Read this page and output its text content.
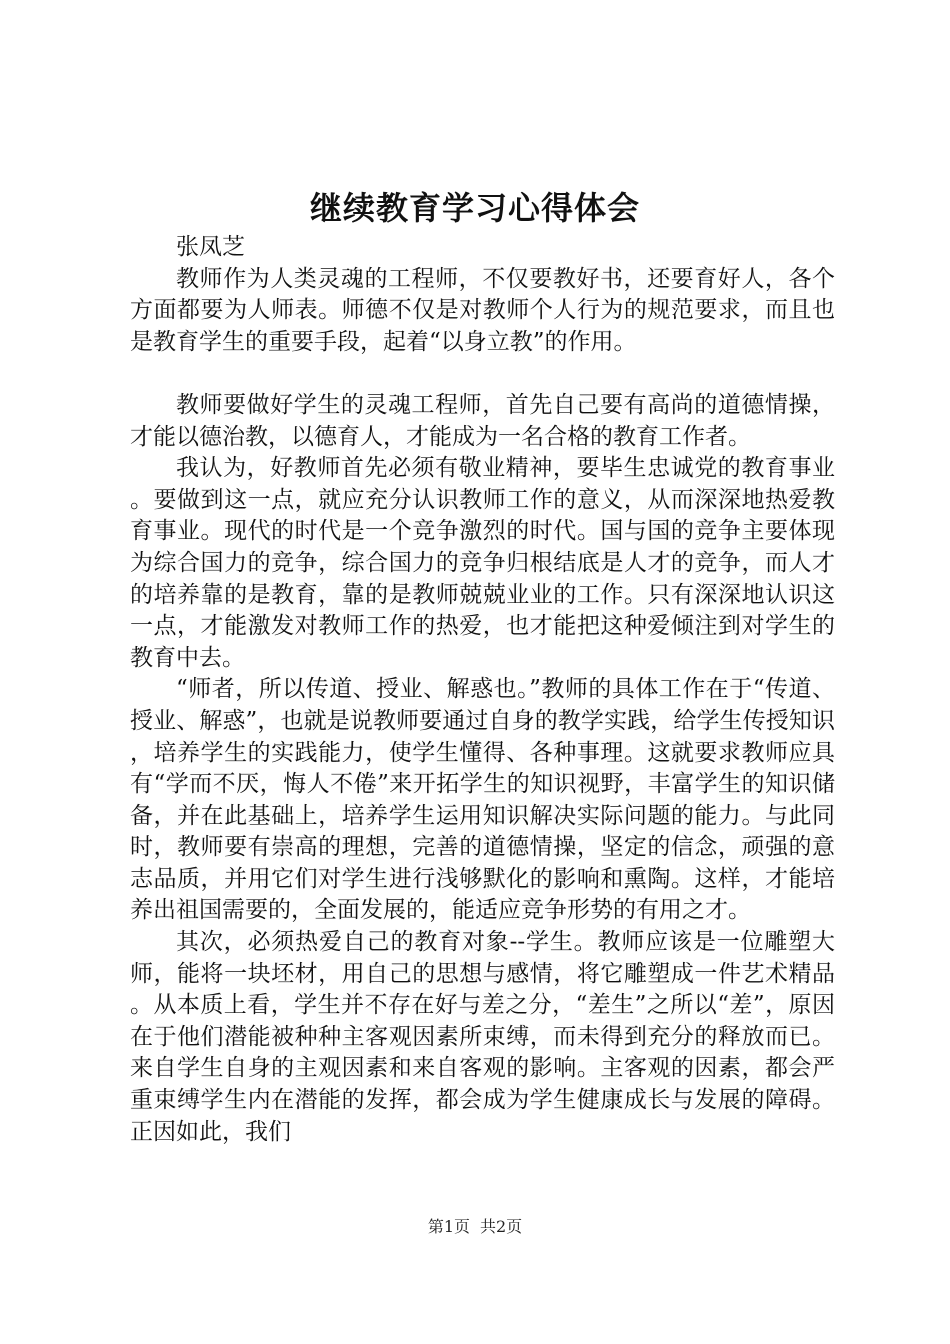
继续教育学习心得体会

张凤芝

教师作为人类灵魂的工程师，不仅要教好书，还要育好人，各个方面都要为人师表。师德不仅是对教师个人行为的规范要求，而且也是教育学生的重要手段，起着“以身立教”的作用。

教师要做好学生的灵魂工程师，首先自己要有高尚的道德情操，才能以德治教，以德育人，才能成为一名合格的教育工作者。

我认为，好教师首先必须有敬业精神，要毕生忠诚党的教育事业。要做到这一点，就应充分认识教师工作的意义，从而深深地热爱教育事业。现代的时代是一个竞争激烈的时代。国与国的竞争主要体现为综合国力的竞争，综合国力的竞争归根结底是人才的竞争，而人才的培养靠的是教育，靠的是教师兢兢业业的工作。只有深深地认识这一点，才能激发对教师工作的热爱，也才能把这种爱倾注到对学生的教育中去。

“师者，所以传道、授业、解惑也。”教师的具体工作在于“传道、授业、解惑”，也就是说教师要通过自身的教学实践，给学生传授知识，培养学生的实践能力，使学生懂得、各种事理。这就要求教师应具有“学而不厌，悔人不倦”来开拓学生的知识视野，丰富学生的知识储备，并在此基础上，培养学生运用知识解决实际问题的能力。与此同时，教师要有崇高的理想，完善的道德情操，坚定的信念，顽强的意志品质，并用它们对学生进行浅够默化的影响和熏陶。这样，才能培养出祖国需要的，全面发展的，能适应竞争形势的有用之才。

其次，必须热爱自己的教育对象--学生。教师应该是一位雕塑大师，能将一块坯材，用自己的思想与感情，将它雕塑成一件艺术精品。从本质上看，学生并不存在好与差之分，“差生”之所以“差”，原因在于他们潜能被种种主客观因素所束缚，而未得到充分的释放而已。来自学生自身的主观因素和来自客观的影响。主客观的因素，都会严重束缚学生内在潜能的发挥，都会成为学生健康成长与发展的障碍。正因如此，我们

第1页 共2页
